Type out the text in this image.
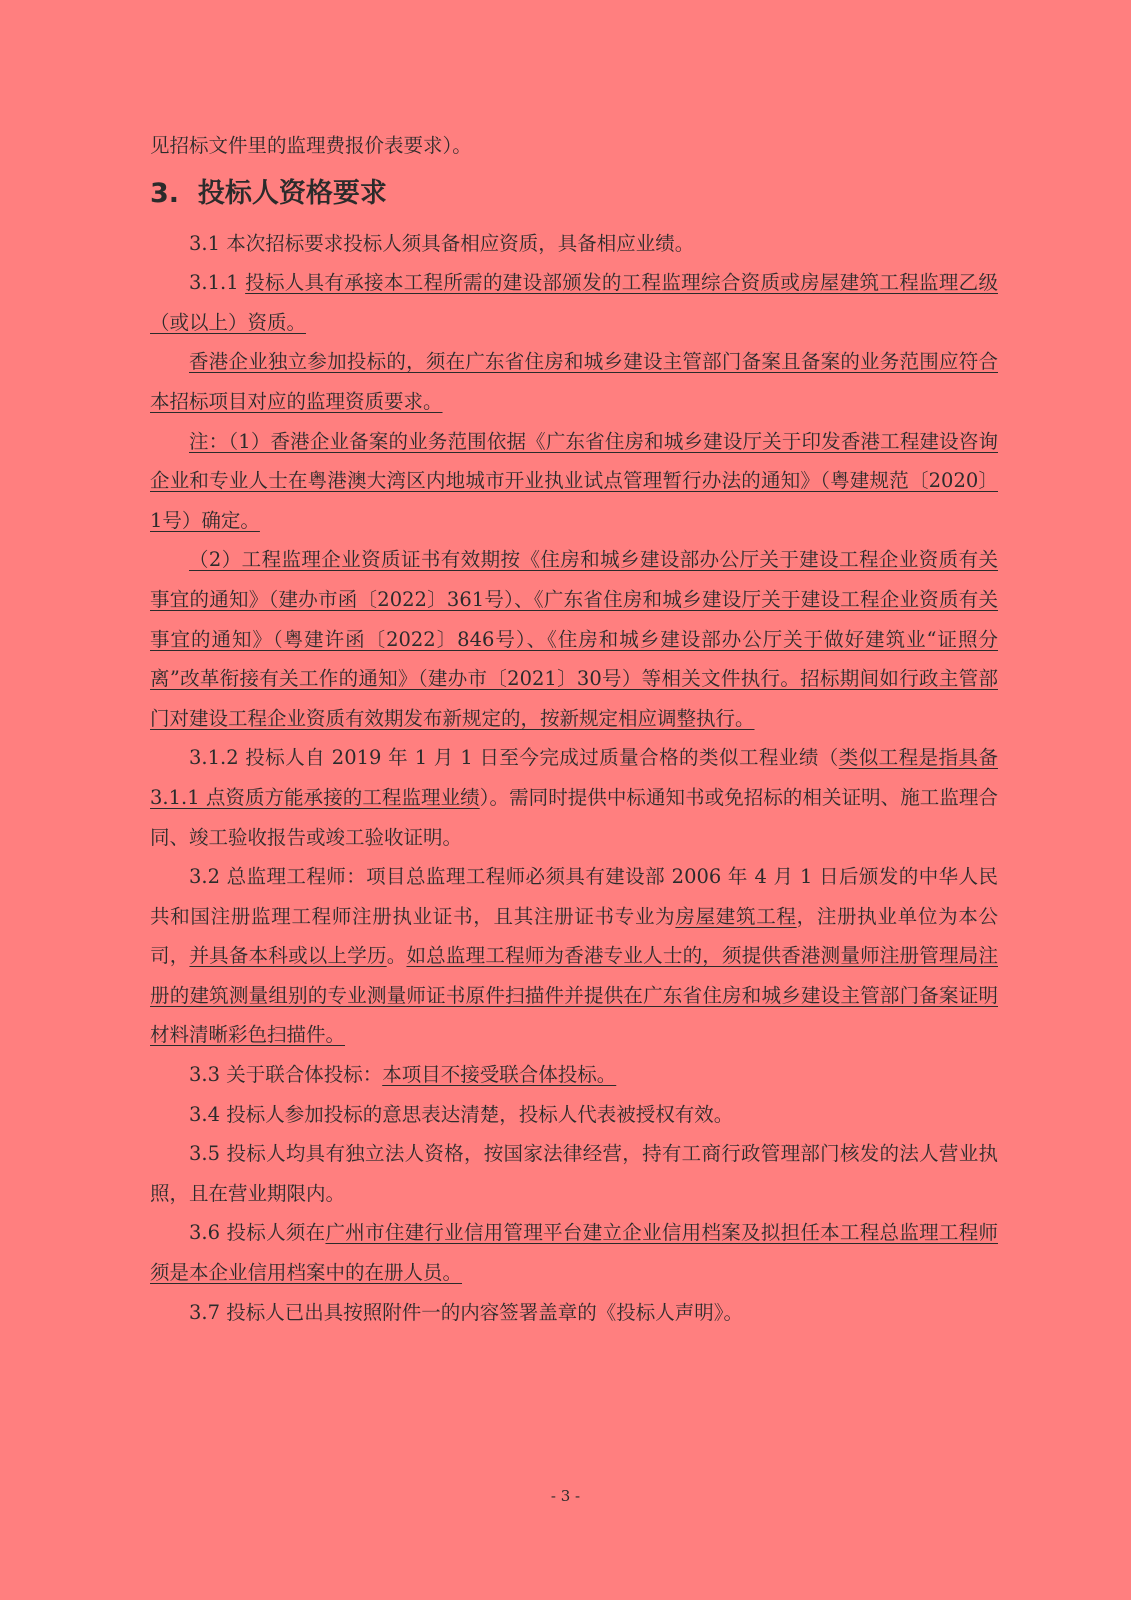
见招标文件里的监理费报价表要求）。

3. 投标人资格要求

3.1 本次招标要求投标人须具备相应资质，具备相应业绩。

3.1.1 投标人具有承接本工程所需的建设部颁发的工程监理综合资质或房屋建筑工程监理乙级（或以上）资质。

香港企业独立参加投标的，须在广东省住房和城乡建设主管部门备案且备案的业务范围应符合本招标项目对应的监理资质要求。

注：（1）香港企业备案的业务范围依据《广东省住房和城乡建设厅关于印发香港工程建设咨询企业和专业人士在粤港澳大湾区内地城市开业执业试点管理暂行办法的通知》（粤建规范〔2020〕1号）确定。

（2）工程监理企业资质证书有效期按《住房和城乡建设部办公厅关于建设工程企业资质有关事宜的通知》（建办市函〔2022〕361号）、《广东省住房和城乡建设厅关于建设工程企业资质有关事宜的通知》（粤建许函〔2022〕846号）、《住房和城乡建设部办公厅关于做好建筑业“证照分离”改革衔接有关工作的通知》（建办市〔2021〕30号）等相关文件执行。招标期间如行政主管部门对建设工程企业资质有效期发布新规定的，按新规定相应调整执行。

3.1.2 投标人自 2019 年 1 月 1 日至今完成过质量合格的类似工程业绩（类似工程是指具备 3.1.1 点资质方能承接的工程监理业绩）。需同时提供中标通知书或免招标的相关证明、施工监理合同、竣工验收报告或竣工验收证明。

3.2 总监理工程师：项目总监理工程师必须具有建设部 2006 年 4 月 1 日后颁发的中华人民共和国注册监理工程师注册执业证书，且其注册证书专业为房屋建筑工程，注册执业单位为本公司，并具备本科或以上学历。如总监理工程师为香港专业人士的，须提供香港测量师注册管理局注册的建筑测量组别的专业测量师证书原件扫描件并提供在广东省住房和城乡建设主管部门备案证明材料清晰彩色扫描件。

3.3 关于联合体投标：本项目不接受联合体投标。

3.4 投标人参加投标的意思表达清楚，投标人代表被授权有效。

3.5 投标人均具有独立法人资格，按国家法律经营，持有工商行政管理部门核发的法人营业执照，且在营业期限内。

3.6 投标人须在广州市住建行业信用管理平台建立企业信用档案及拟担任本工程总监理工程师须是本企业信用档案中的在册人员。

3.7 投标人已出具按照附件一的内容签署盖章的《投标人声明》。

- 3 -
